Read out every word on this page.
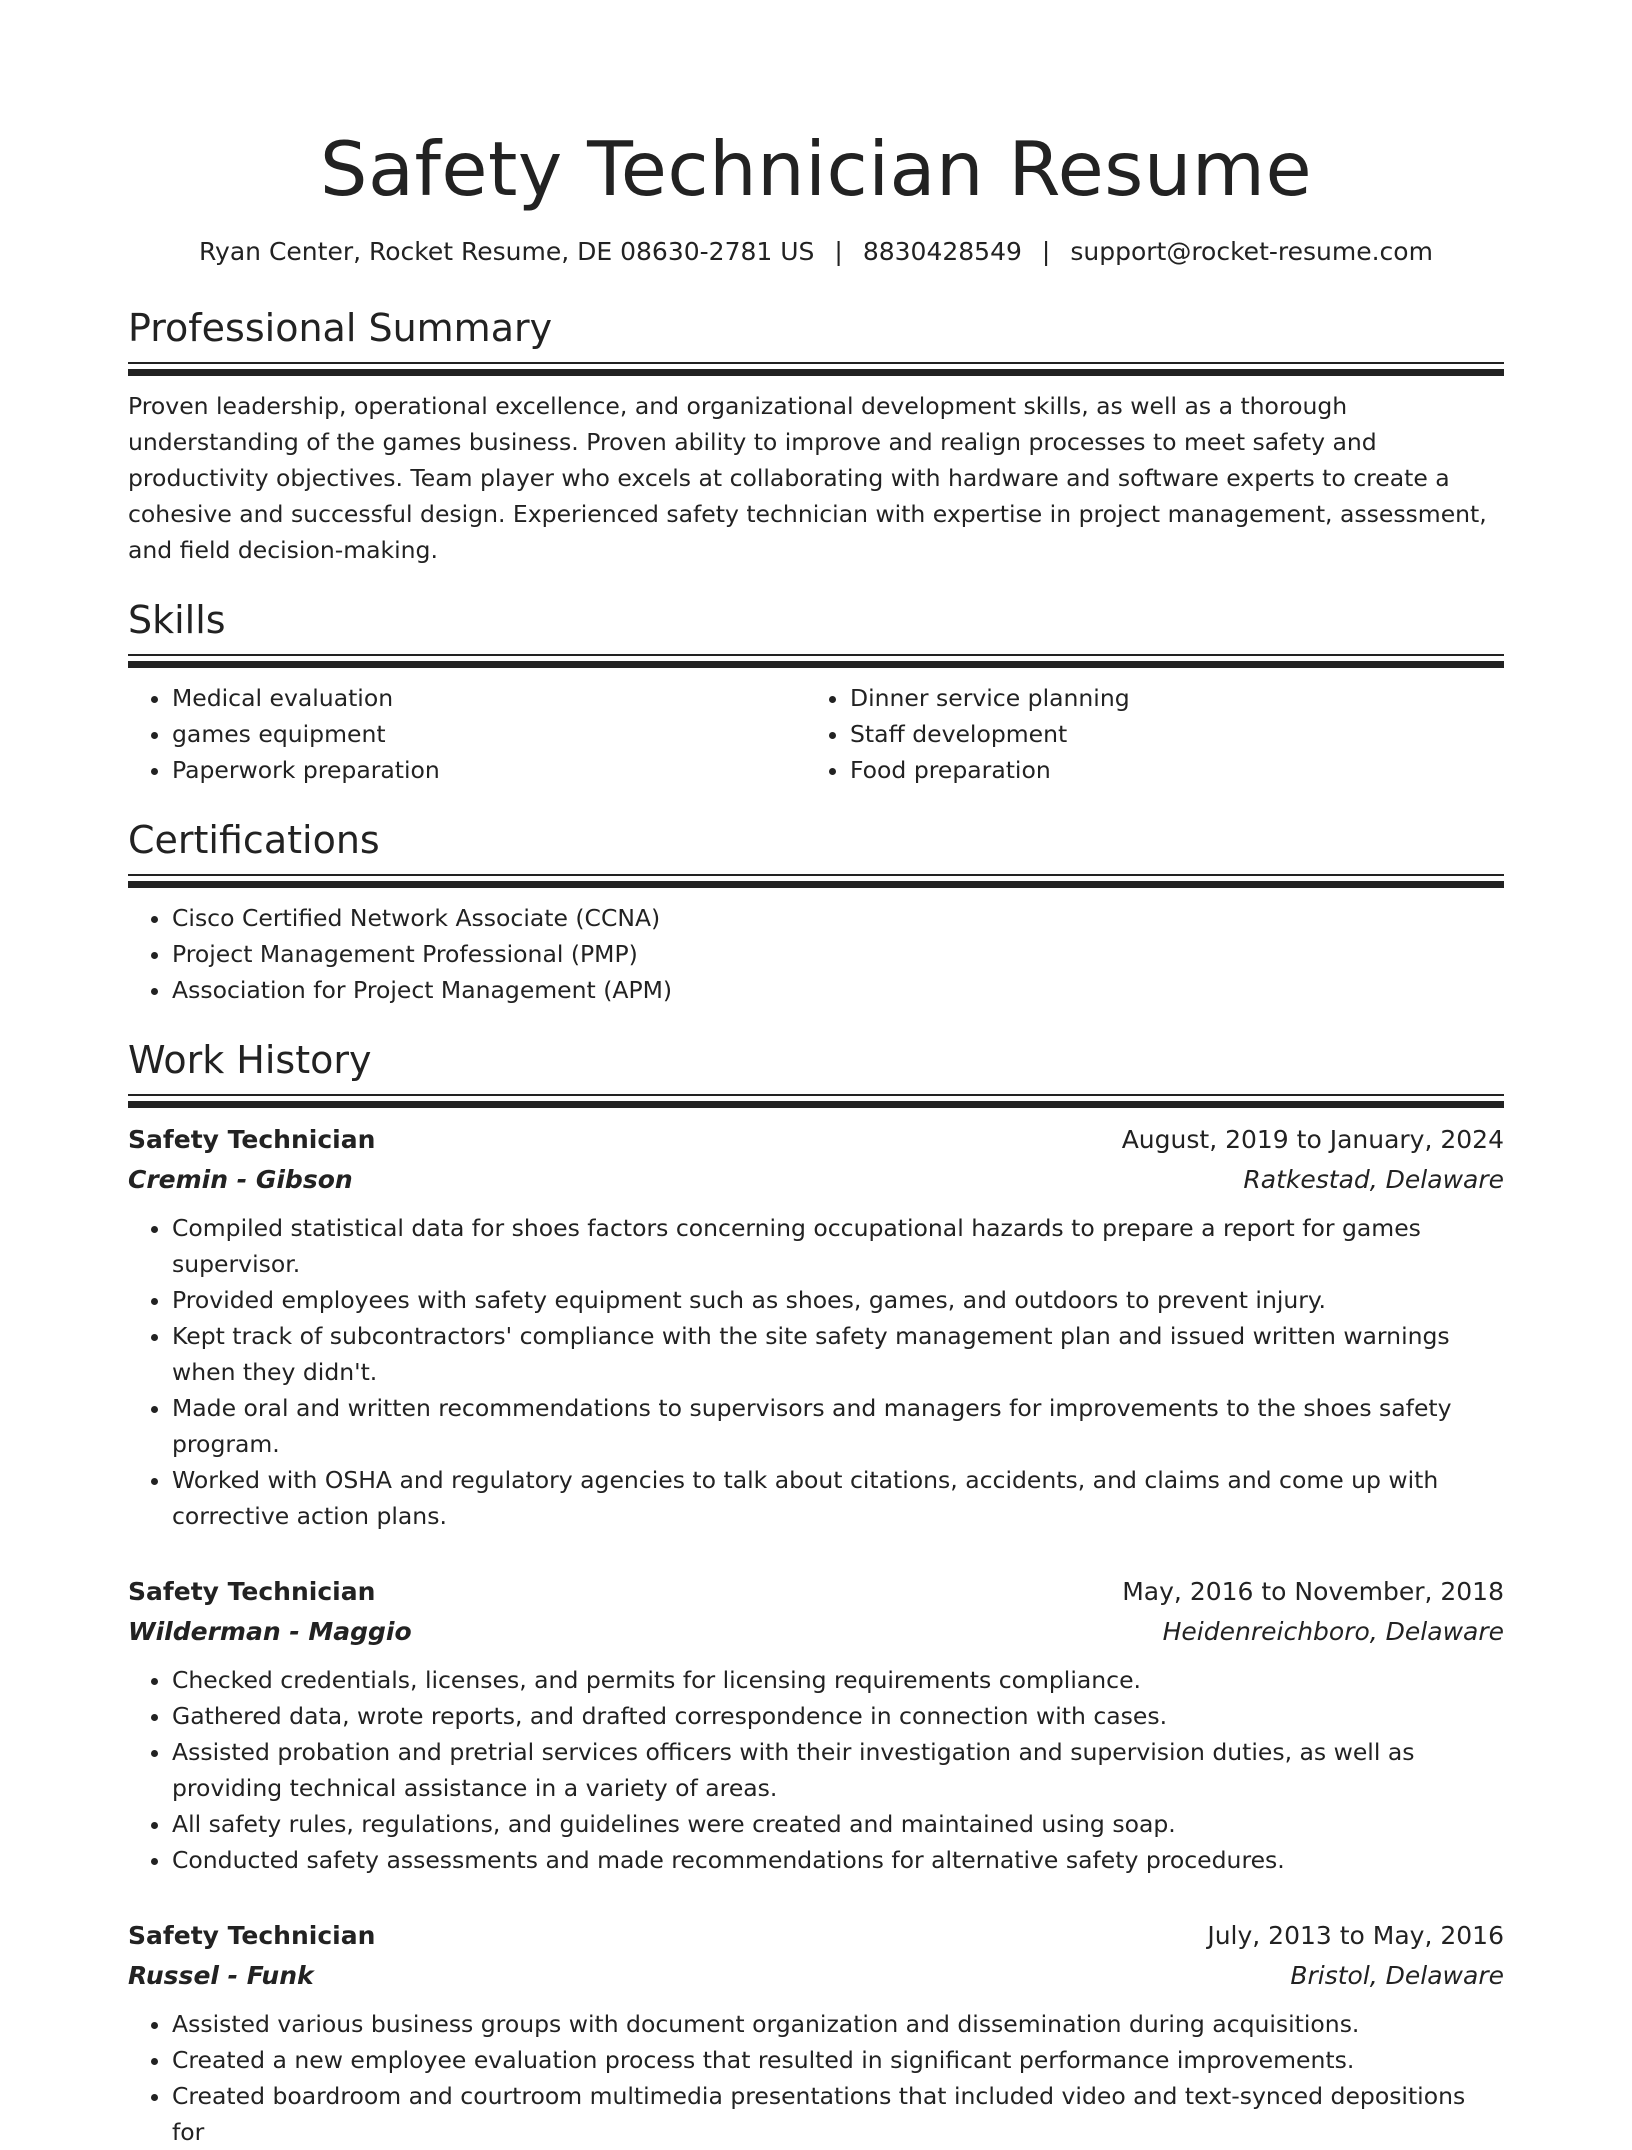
Safety Technician Resume
Ryan Center, Rocket Resume, DE 08630-2781 US | 8830428549 | support@rocket-resume.com
Professional Summary

Proven leadership, operational excellence, and organizational development skills, as well as a thorough understanding of the games business. Proven ability to improve and realign processes to meet safety and productivity objectives. Team player who excels at collaborating with hardware and software experts to create a cohesive and successful design. Experienced safety technician with expertise in project management, assessment, and field decision-making.

Skills
• Medical evaluation
• games equipment
• Paperwork preparation
• Dinner service planning
• Staff development
• Food preparation
Certifications
• Cisco Certified Network Associate (CCNA)
• Project Management Professional (PMP)
• Association for Project Management (APM)
Work History
Safety Technician	August, 2019 to January, 2024
Cremin - Gibson	Ratkestad, Delaware
• Compiled statistical data for shoes factors concerning occupational hazards to prepare a report for games supervisor.
• Provided employees with safety equipment such as shoes, games, and outdoors to prevent injury.
• Kept track of subcontractors' compliance with the site safety management plan and issued written warnings when they didn't.
• Made oral and written recommendations to supervisors and managers for improvements to the shoes safety program.
• Worked with OSHA and regulatory agencies to talk about citations, accidents, and claims and come up with corrective action plans.
Safety Technician	May, 2016 to November, 2018
Wilderman - Maggio	Heidenreichboro, Delaware
• Checked credentials, licenses, and permits for licensing requirements compliance.
• Gathered data, wrote reports, and drafted correspondence in connection with cases.
• Assisted probation and pretrial services officers with their investigation and supervision duties, as well as providing technical assistance in a variety of areas.
• All safety rules, regulations, and guidelines were created and maintained using soap.
• Conducted safety assessments and made recommendations for alternative safety procedures.
Safety Technician	July, 2013 to May, 2016
Russel - Funk	Bristol, Delaware
• Assisted various business groups with document organization and dissemination during acquisitions.
• Created a new employee evaluation process that resulted in significant performance improvements.
• Created boardroom and courtroom multimedia presentations that included video and text-synced depositions for
